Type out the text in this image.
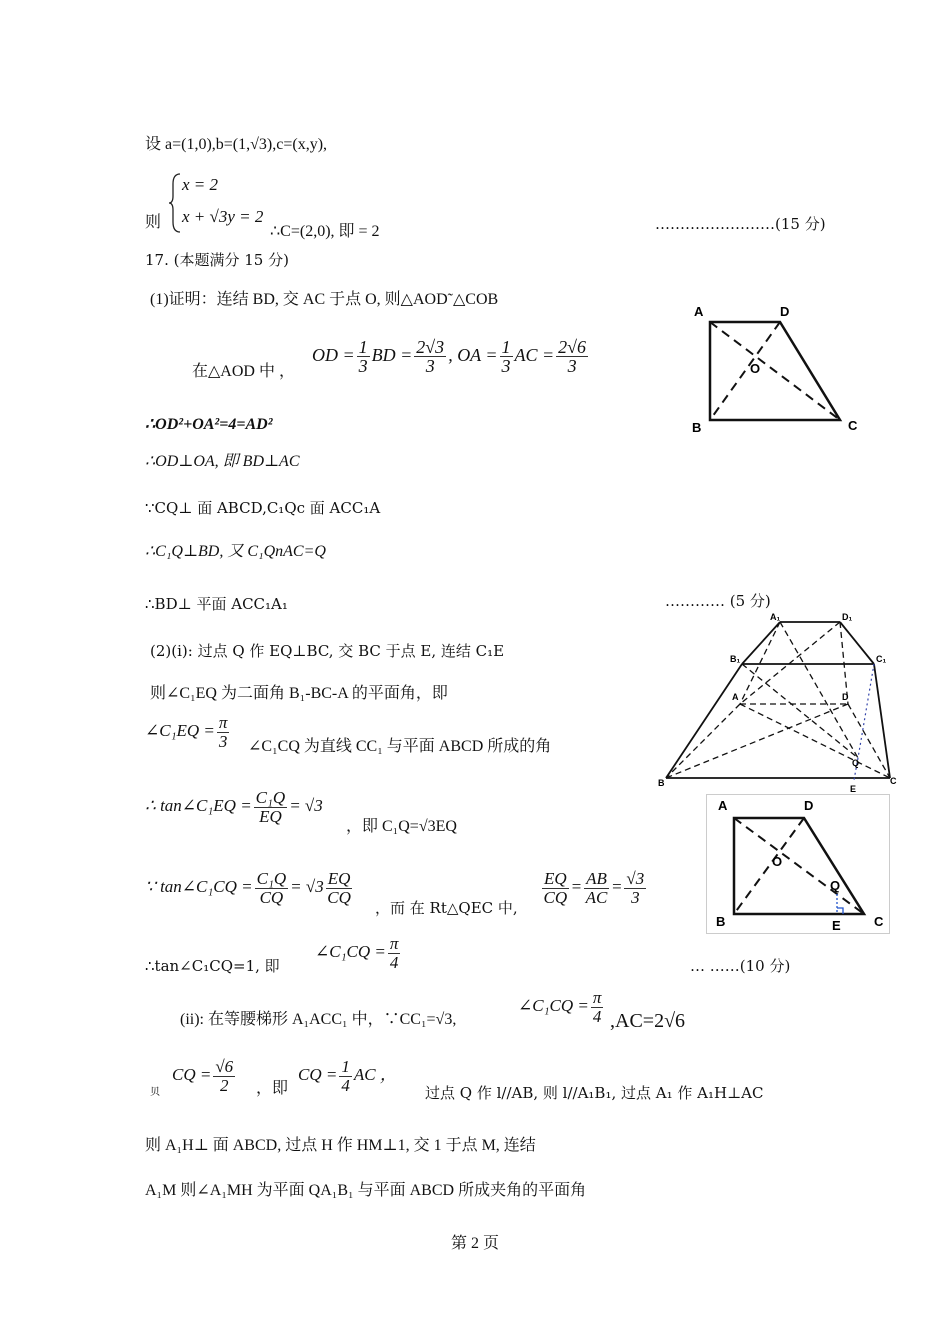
设 a=(1,0),b=(1,√3),c=(x,y),
则
x = 2
x + √3y = 2
∴C=(2,0), 即 = 2	……………………(15 分)
17. (本题满分 15 分)
(1)证明：连结 BD, 交 AC 于点 O, 则△AOD˜△COB
在△AOD 中 ，
OD = $\frac{1}{3}$ BD = $\frac{2√3}{3}$ , OA = $\frac{1}{3}$ AC = $\frac{2√6}{3}$
A	D
B	C
O
∴OD²+OA²=4=AD²
∴OD⊥OA, 即 BD⊥AC
∵CQ⊥ 面 ABCD,C₁Qc 面 ACC₁A
∴C₁Q⊥BD, 又 C₁QnAC=Q
∴BD⊥ 平面 ACC₁A₁	………… (5 分)
A₁	D₁
B₁	C₁
A	D
B	C
Q
E
(2)(i): 过点 Q 作 EQ⊥BC, 交 BC 于点 E, 连结 C₁E
则∠C₁EQ 为二面角 B₁-BC-A 的平面角，即
∠C₁EQ = $\frac{\pi}{3}$ ∠C₁CQ 为直线 CC₁ 与平面 ABCD 所成的角
∴ tan∠C₁EQ = $\frac{\text{C₁Q}}{EQ} = √3$
，即 C₁Q=√3EQ
A	D
B	C
O
Q
E
∵ tan∠C₁CQ = $\frac{\text{C₁Q}}{CQ} = √3 \frac{EQ}{CQ}$
，而 在 Rt△QEC 中,
$\frac{EQ}{CQ} = \frac{AB}{AC} = \frac{√3}{3}$
∴tan∠C₁CQ=1, 即
∠C₁CQ = $\frac{\pi}{4}$	… ……(10 分)
(ii): 在等腰梯形 A₁ACC₁ 中，∵CC₁=√3,
∠C₁CQ = $\frac{\pi}{4} ,AC=2√6$
贝
CQ = $\frac{√6}{2}$ ，即
CQ = $\frac{1}{4}$ AC ，
过点 Q 作 l//AB, 则 l//A₁B₁, 过点 A₁ 作 A₁H⊥AC
则 A₁H⊥ 面 ABCD, 过点 H 作 HM⊥1, 交 1 于点 M, 连结
A₁M 则∠A₁MH 为平面 QA₁B₁ 与平面 ABCD 所成夹角的平面角
第 2 页
